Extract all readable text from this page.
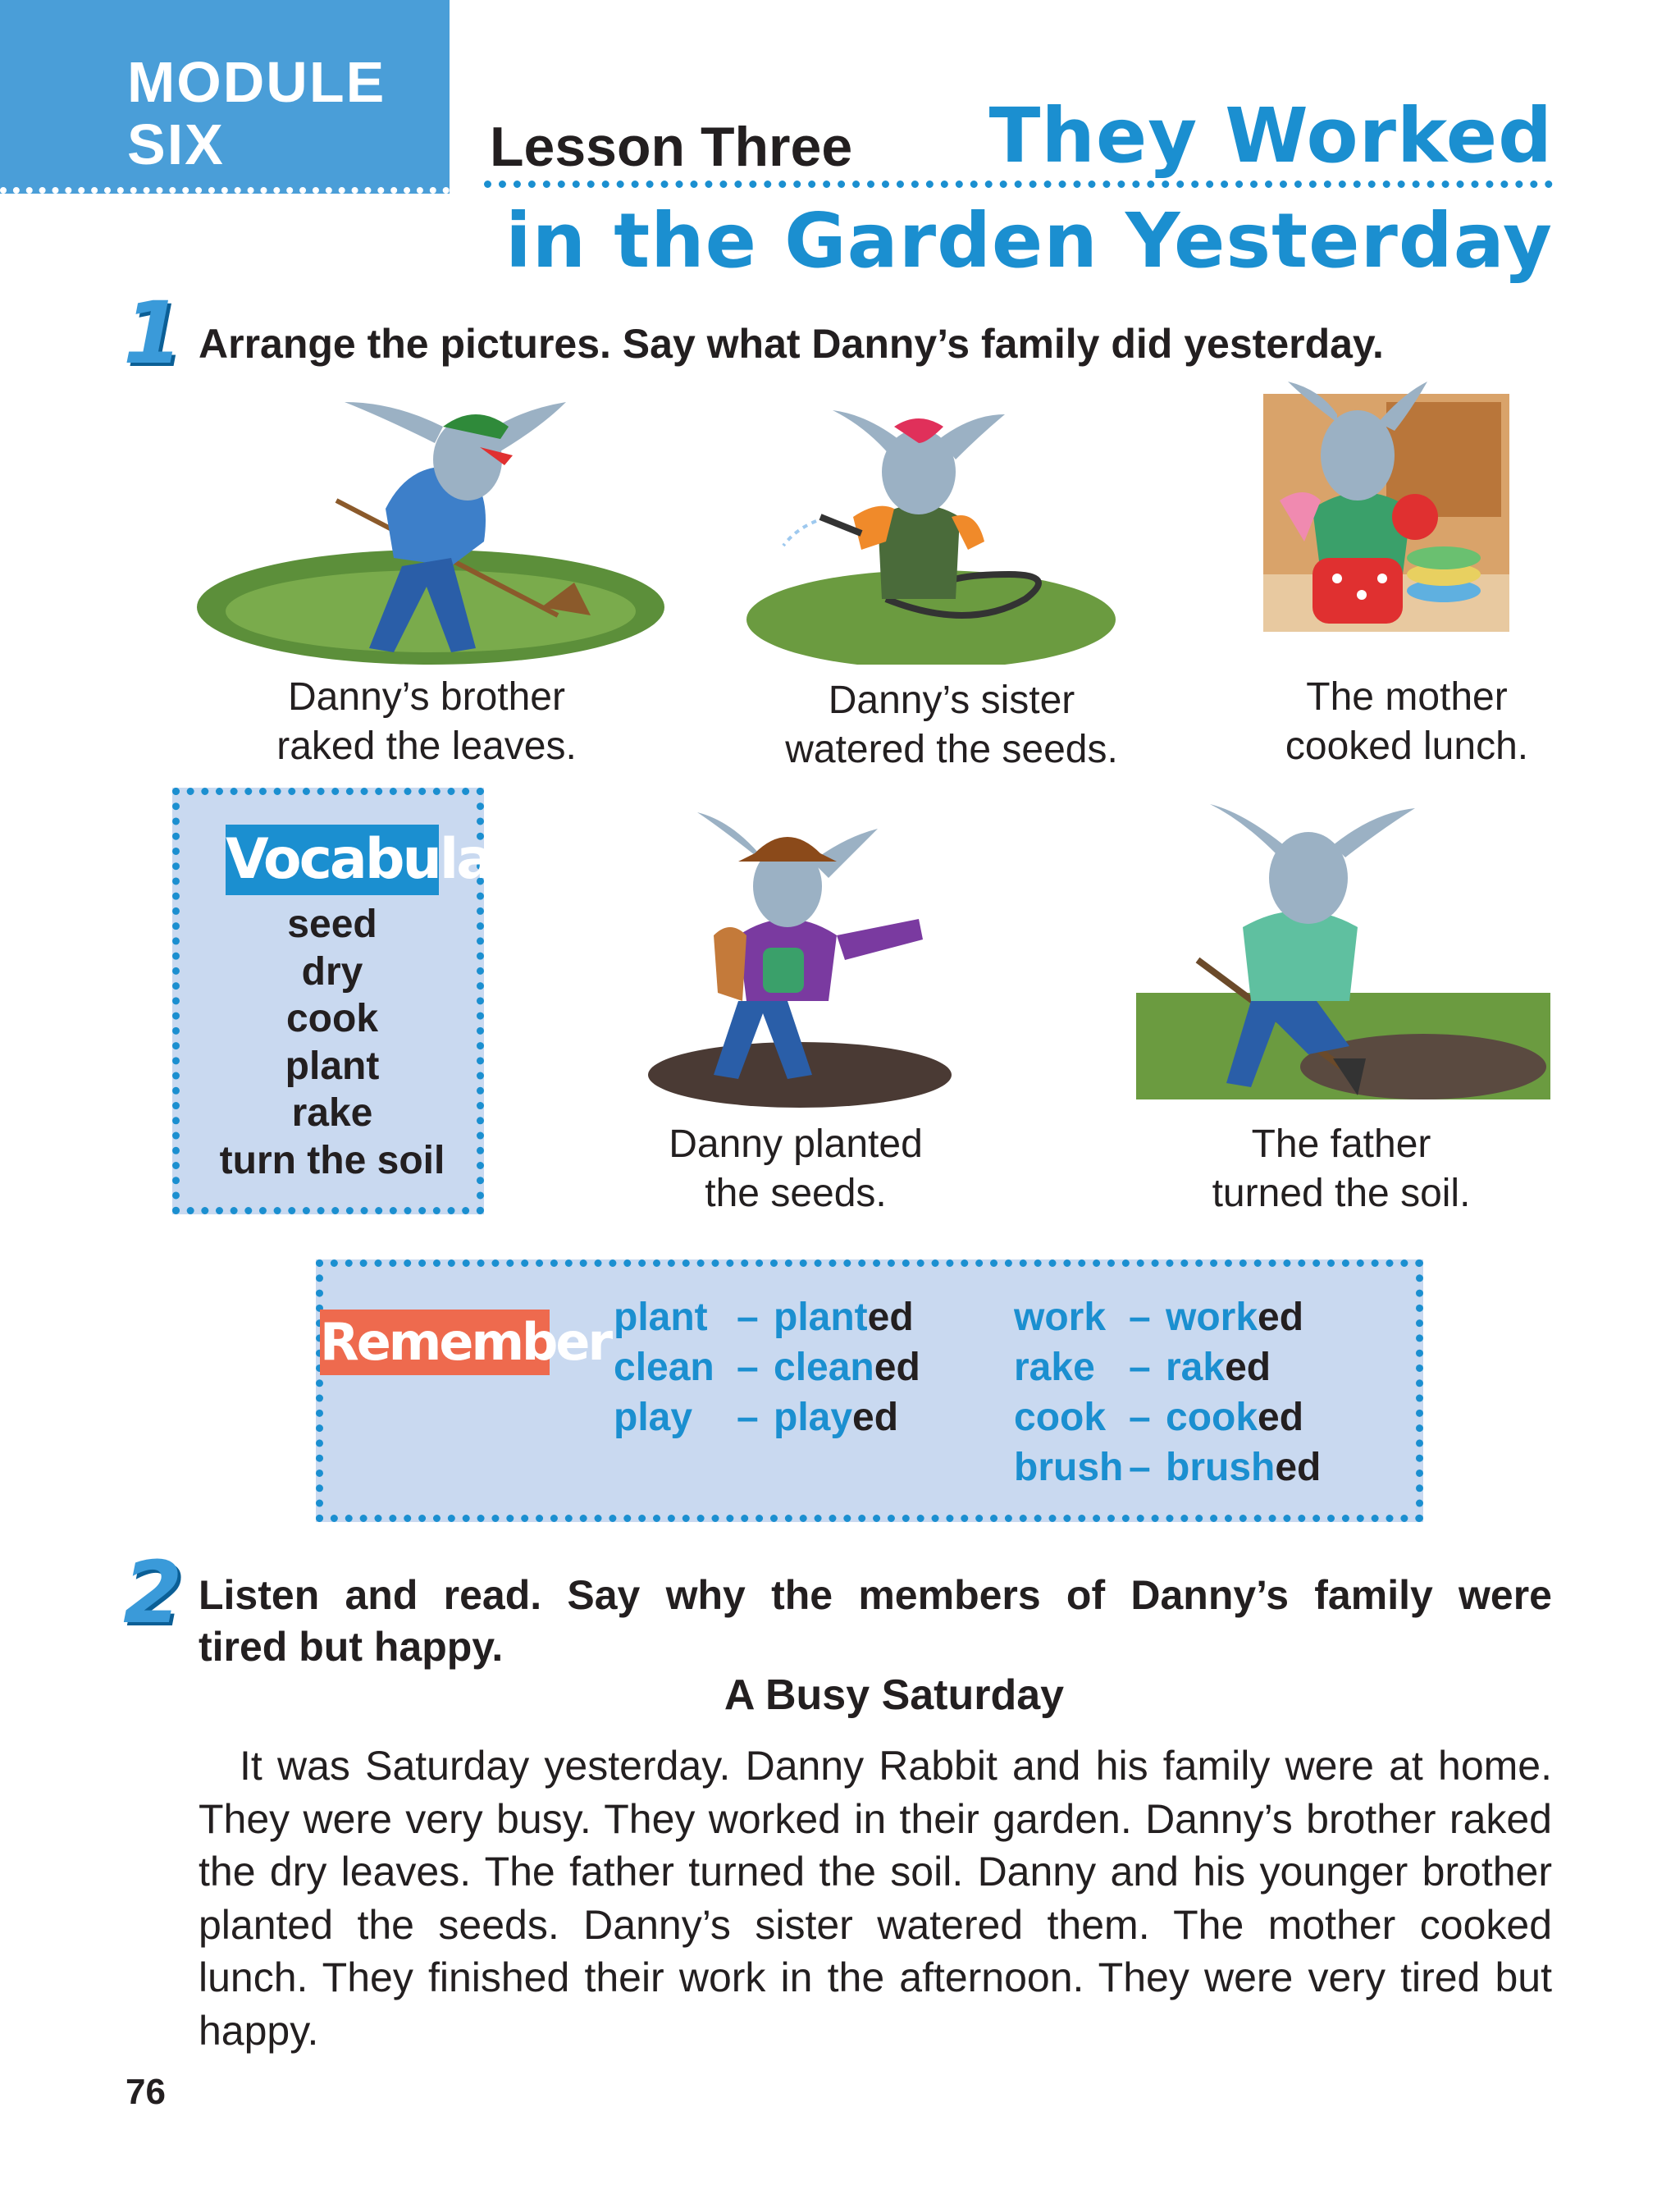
MODULE
SIX	Lesson Three They Worked
in the Garden Yesterday
1 Arrange the pictures. Say what Danny’s family did yesterday.
Danny’s brother
raked the leaves.
Danny’s sister
watered the seeds.
The mother
cooked lunch.
Vocabulary
seed
dry
cook
plant
rake
turn the soil	Danny planted
the seeds.
The father
turned the soil.
Remember plant – planted
clean – cleaned
play – played
work – worked
rake – raked
cook – cooked
brush – brushed
2 Listen and read. Say why the members of Danny’s family were
tired but happy.
A Busy Saturday
It was Saturday yesterday. Danny Rabbit and his family were at home. They were very busy. They worked in their garden. Danny’s brother raked the dry leaves. The father turned the soil. Danny and his younger brother planted the seeds. Danny’s sister watered them. The mother cooked lunch. They finished their work in the afternoon. They were very tired but happy.
76
